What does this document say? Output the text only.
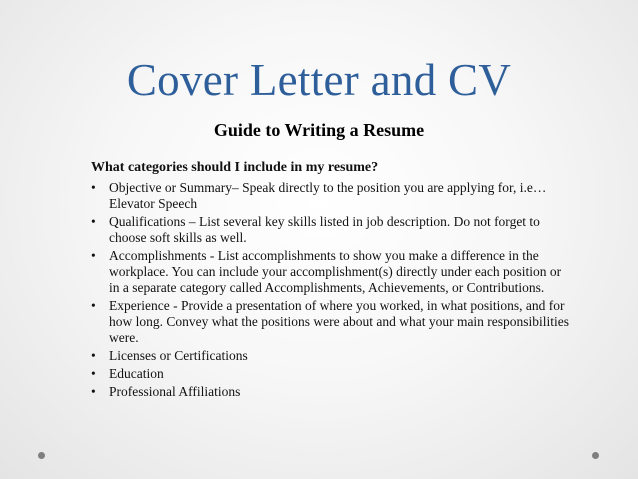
Cover Letter and CV
Guide to Writing a Resume
What categories should I include in my resume?
• Objective or Summary– Speak directly to the position you are applying for, i.e… Elevator Speech
• Qualifications – List several key skills listed in job description. Do not forget to choose soft skills as well.
• Accomplishments - List accomplishments to show you make a difference in the workplace. You can include your accomplishment(s) directly under each position or in a separate category called Accomplishments, Achievements, or Contributions.
• Experience - Provide a presentation of where you worked, in what positions, and for how long. Convey what the positions were about and what your main responsibilities were.
• Licenses or Certifications
• Education
• Professional Affiliations
